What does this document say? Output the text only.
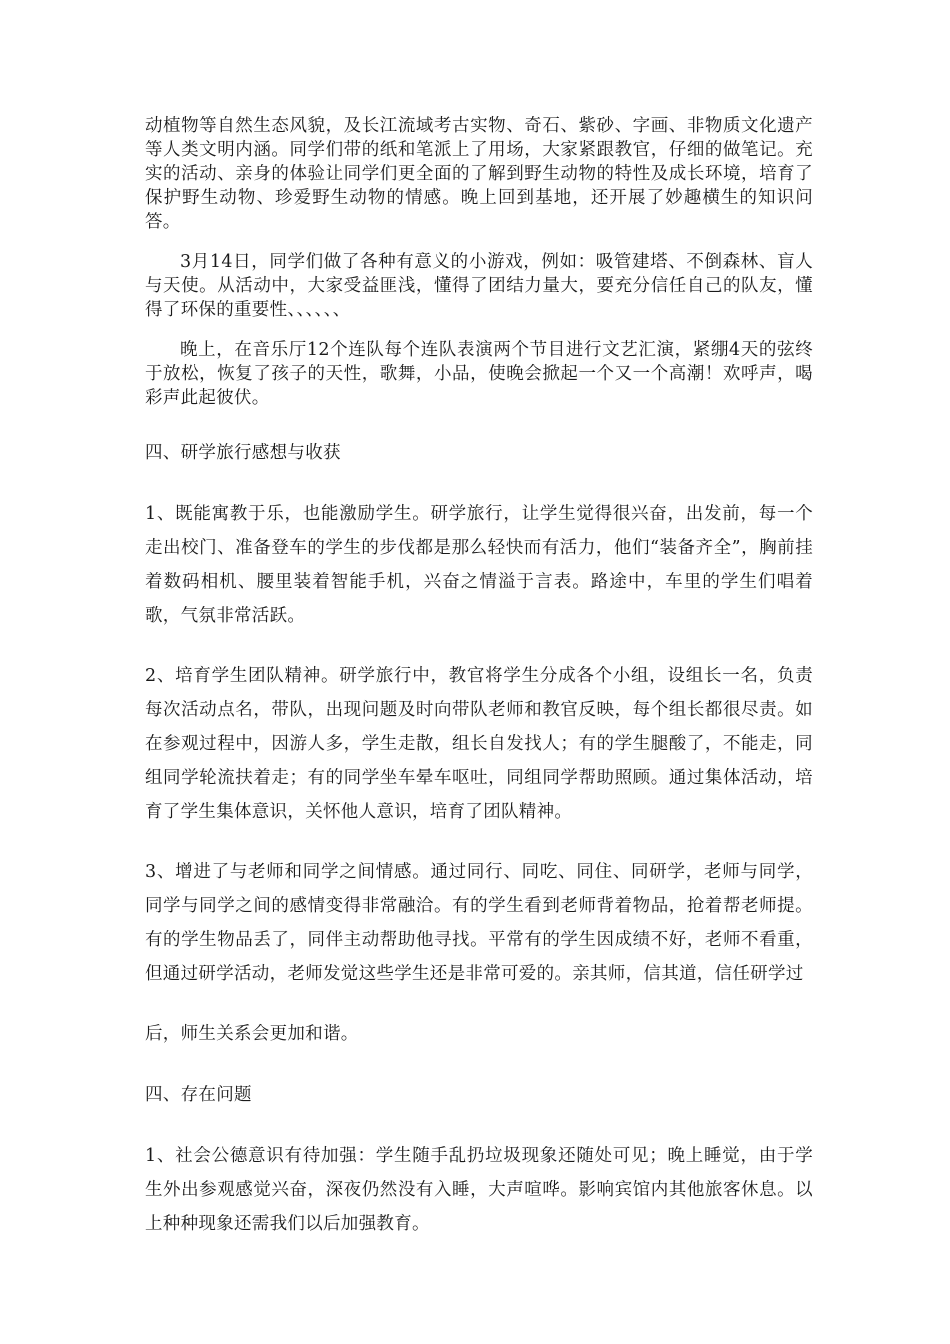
动植物等自然生态风貌，及长江流域考古实物、奇石、紫砂、字画、非物质文化遗产等人类文明内涵。同学们带的纸和笔派上了用场，大家紧跟教官，仔细的做笔记。充实的活动、亲身的体验让同学们更全面的了解到野生动物的特性及成长环境，培育了保护野生动物、珍爱野生动物的情感。晚上回到基地，还开展了妙趣横生的知识问答。

3月14日，同学们做了各种有意义的小游戏，例如：吸管建塔、不倒森林、盲人与天使。从活动中，大家受益匪浅，懂得了团结力量大，要充分信任自己的队友，懂得了环保的重要性、、、、、、

晚上，在音乐厅12个连队每个连队表演两个节目进行文艺汇演，紧绷4天的弦终于放松，恢复了孩子的天性，歌舞，小品，使晚会掀起一个又一个高潮！欢呼声，喝彩声此起彼伏。

四、研学旅行感想与收获

1、既能寓教于乐，也能激励学生。研学旅行，让学生觉得很兴奋，出发前，每一个走出校门、准备登车的学生的步伐都是那么轻快而有活力，他们“装备齐全”，胸前挂着数码相机、腰里装着智能手机，兴奋之情溢于言表。路途中，车里的学生们唱着歌，气氛非常活跃。

2、培育学生团队精神。研学旅行中，教官将学生分成各个小组，设组长一名，负责每次活动点名，带队，出现问题及时向带队老师和教官反映，每个组长都很尽责。如在参观过程中，因游人多，学生走散，组长自发找人；有的学生腿酸了，不能走，同组同学轮流扶着走；有的同学坐车晕车呕吐，同组同学帮助照顾。通过集体活动，培育了学生集体意识，关怀他人意识，培育了团队精神。

3、增进了与老师和同学之间情感。通过同行、同吃、同住、同研学，老师与同学，同学与同学之间的感情变得非常融洽。有的学生看到老师背着物品，抢着帮老师提。有的学生物品丢了，同伴主动帮助他寻找。平常有的学生因成绩不好，老师不看重，但通过研学活动，老师发觉这些学生还是非常可爱的。亲其师，信其道，信任研学过

后，师生关系会更加和谐。

四、存在问题

1、社会公德意识有待加强：学生随手乱扔垃圾现象还随处可见；晚上睡觉，由于学生外出参观感觉兴奋，深夜仍然没有入睡，大声喧哗。影响宾馆内其他旅客休息。以上种种现象还需我们以后加强教育。
